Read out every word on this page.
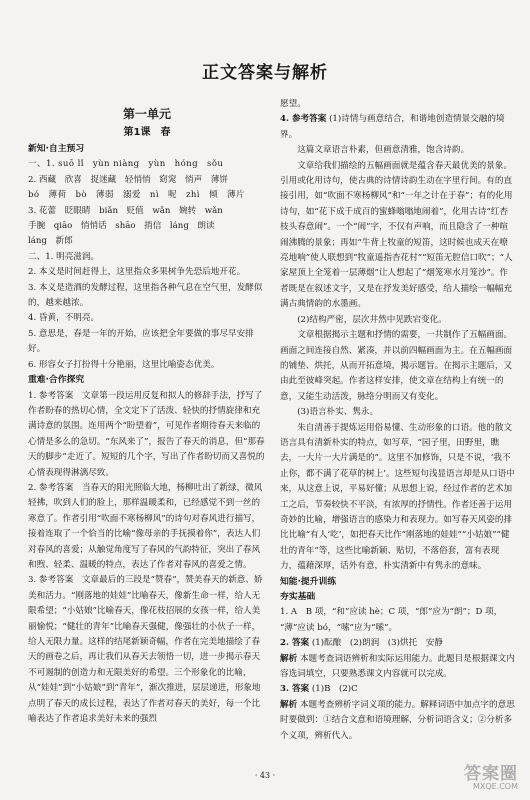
正文答案与解析
第一单元
第1课　春
新知·自主预习

一、1. suō lǐ　yùn niàng　yùn　hóng　sǒu

2. 西藏　欣喜　捉迷藏　轻悄悄　窈窕　悄声　薄饼

bó　薄荷　bò　薄弱　溺爱　nì　呢　zhì　倾　薄片

3. 花蕾　眨眼睛　biǎn　贬值　wǎn　婉转　wǎn

手腕　qiāo　悄悄话　shāo　捎信　láng　朗读

láng　新郎

二、1. 明亮滋润。

2. 本义是时间赶得上，这里指众多果树争先恐后地开花。

3. 本义是造酒的发酵过程，这里指各种气息在空气里，发酵似的，越来越浓。

4. 昏黄，不明亮。

5. 意思是，春是一年的开始，应该把全年要做的事尽早安排好。

6. 形容女子打扮得十分艳丽，这里比喻姿态优美。

重难·合作探究

1. 参考答案　文章第一段运用反复和拟人的修辞手法，抒写了作者盼春的热切心情，全文定下了活泼、轻快的抒情旋律和充满诗意的氛围。连用两个“盼望着”，可见作者期待春天来临的心情是多么的急切。“东风来了”，报告了春天的消息，但“那春天的脚步”走近了。短短的几个字，写出了作者盼切而又喜悦的心情表现得淋漓尽致。

2. 参考答案　当春天的阳光照临大地，杨柳吐出了新绿，微风轻拂，吹到人们的脸上，那样温暖柔和，已经感觉不到一丝的寒意了。作者引用“吹面不寒杨柳风”的诗句对春风进行描写，接着连取了一个恰当的比喻“像母亲的手抚摸着你”，表达人们对春风的喜爱；从触觉角度写了春风的气韵特征，突出了春风和煦、轻柔、温暖的特点，表达了作者对春风的喜爱之情。

3. 参考答案　文章最后的三段是“赞春”，赞美春天的新意、娇美和活力。“刚落地的娃娃”比喻春天，像新生命一样，给人无限希望；“小姑娘”比喻春天，像花枝招展的女孩一样，给人美丽愉悦；“健壮的青年”比喻春天强健，像强壮的小伙子一样，给人无限力量。这样的结尾新颖奇幅，作者在完美地描绘了春天的画卷之后，再让我们从春天去领悟一切，进一步揭示春天不可遏制的创造力和无限美好的希望。三个形象化的比喻，从“娃娃”到“小姑娘”到“青年”，渐次推进，层层递进，形象地点明了春天的成长过程，表达了作者对春天的美好，每一个比喻表达了作者追求美好未来的强烈

愿望。

4. 参考答案 (1)诗情与画意结合，和谐地创造情景交融的境界。

这篇文章语言朴素，但画意清雅，饱含诗韵。

文章给我们描绘的五幅画面就是蕴含春天最优美的景象。引用或化用诗句，使古典的诗情诗韵生动在字里行间。有的直接引用，如“吹面不寒杨柳风”和“一年之计在于春”；有的化用诗句，如“花下成千成百的蜜蜂嗡嗡地闹着”，化用古诗“红杏枝头春意闹”。一个“闹”字，不仅有声响，而且隐含了一种喧闹沸腾的景象；再如“牛背上牧童的短笛，这时候也成天在嘹亮地响”使人联想到“牧童遥指杏花村”“短笛无腔信口吹”；“人家屋顶上全笼着一层薄烟”让人想起了“烟笼寒水月笼沙”。作者既是在叙述文字，又是在抒发美好感受，给人描绘一幅幅充满古典情韵的水墨画。

(2)结构严密，层次井然中见跌宕变化。

文章根据揭示主题和抒情的需要，一共制作了五幅画面。画面之间连接自然、紧凑，并以前四幅画面为主。在五幅画面的铺垫、烘托，从而开拓意境，揭示题旨。在揭示主题后，又由此至彼峰突起。作者这样安排，使文章在结构上有统一的意，又能生动活泼，脉络分明而又有变化。

(3)语言朴实、隽永。

朱自清善于提炼运用俗易懂、生动形象的口语。他的散文语言具有清新朴实的特点，如写草，“园子里，田野里，瞧去，一大片一大片满是的”。这里不加修饰，只是不说，‘我不止你，都不满了花草的树上’。这些短句浅显语言却是从口语中来，从这意上说，平易好懂；从思想上说，经过作者的艺术加工之后，节奏较快不平淡，有浓厚的抒情性。作者还善于运用奇妙的比喻，增强语言的感染力和表现力。如写春天风姿的排比比喻“有人‘吃’，如把春天比作“刚落地的娃娃”“小姑娘”“健壮的青年”等，这些比喻新颖、贴切，不落俗套，富有表现力，蕴藉深厚，话外有意，朴实清新中有隽永的意味。

知能·提升训练
夯实基础

1. A　B 项，“和”应读 hè；C 项，“郎”应为“朗”；D 项，

“薄”应读 bó，“嗦”应为“嗦”。

2. 答案 (1)酝酿　(2)朗润　(3)烘托　安静

解析 本题考查词语辨析和实际运用能力。此题目是根据课文内容选词填空，只要熟悉课文内容就可以完成。

3. 答案 (1)B　(2)C

解析 本题考查辨析字词义项的能力。解释词语中加点字的意思时要做到：①结合文意和语境理解，分析词语含义；②分析多个义项，辨析代入。

· 43 ·	答案圈
MXQE.COM
